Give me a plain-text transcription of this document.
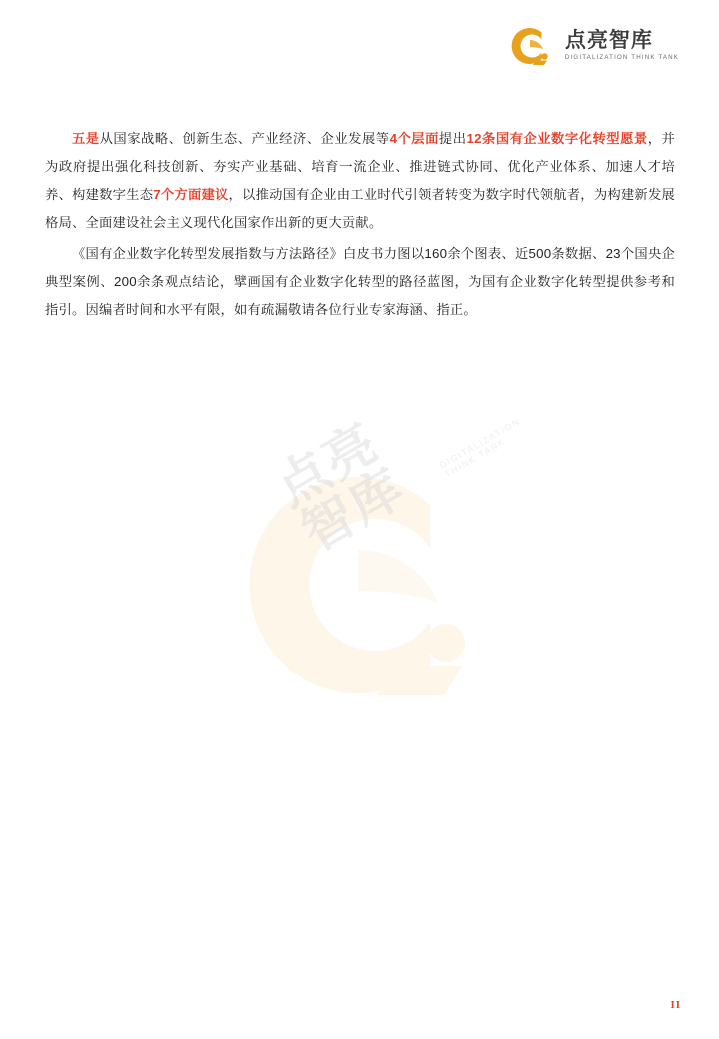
点亮智库
DIGITALIZATION THINK TANK

五是从国家战略、创新生态、产业经济、企业发展等4个层面提出12条国有企业数字化转型愿景，并为政府提出强化科技创新、夯实产业基础、培育一流企业、推进链式协同、优化产业体系、加速人才培养、构建数字生态7个方面建议，以推动国有企业由工业时代引领者转变为数字时代领航者，为构建新发展格局、全面建设社会主义现代化国家作出新的更大贡献。

《国有企业数字化转型发展指数与方法路径》白皮书力图以160余个图表、近500条数据、23个国央企典型案例、200余条观点结论，擘画国有企业数字化转型的路径蓝图，为国有企业数字化转型提供参考和指引。因编者时间和水平有限，如有疏漏敬请各位行业专家海涵、指正。

点亮智库
DIGITALIZATION THINK TANK
II
